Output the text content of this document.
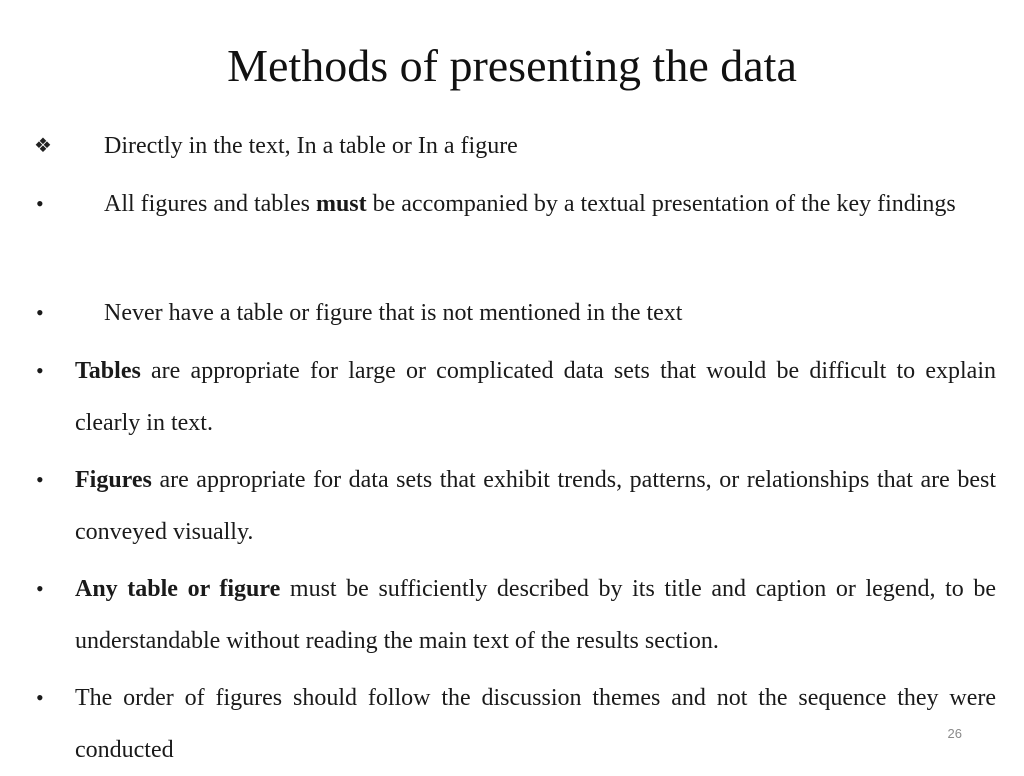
Methods of presenting the data
❖ Directly in the text, In a table or In a figure
•	All figures and tables must be accompanied by a textual presentation of the key findings
•	Never have a table or figure that is not mentioned in the text
• Tables are appropriate for large or complicated data sets that would be difficult to explain clearly in text.
• Figures are appropriate for data sets that exhibit trends, patterns, or relationships that are best conveyed visually.
• Any table or figure must be sufficiently described by its title and caption or legend, to be understandable without reading the main text of the results section.
• The order of figures should follow the discussion themes and not the sequence they were conducted
26
